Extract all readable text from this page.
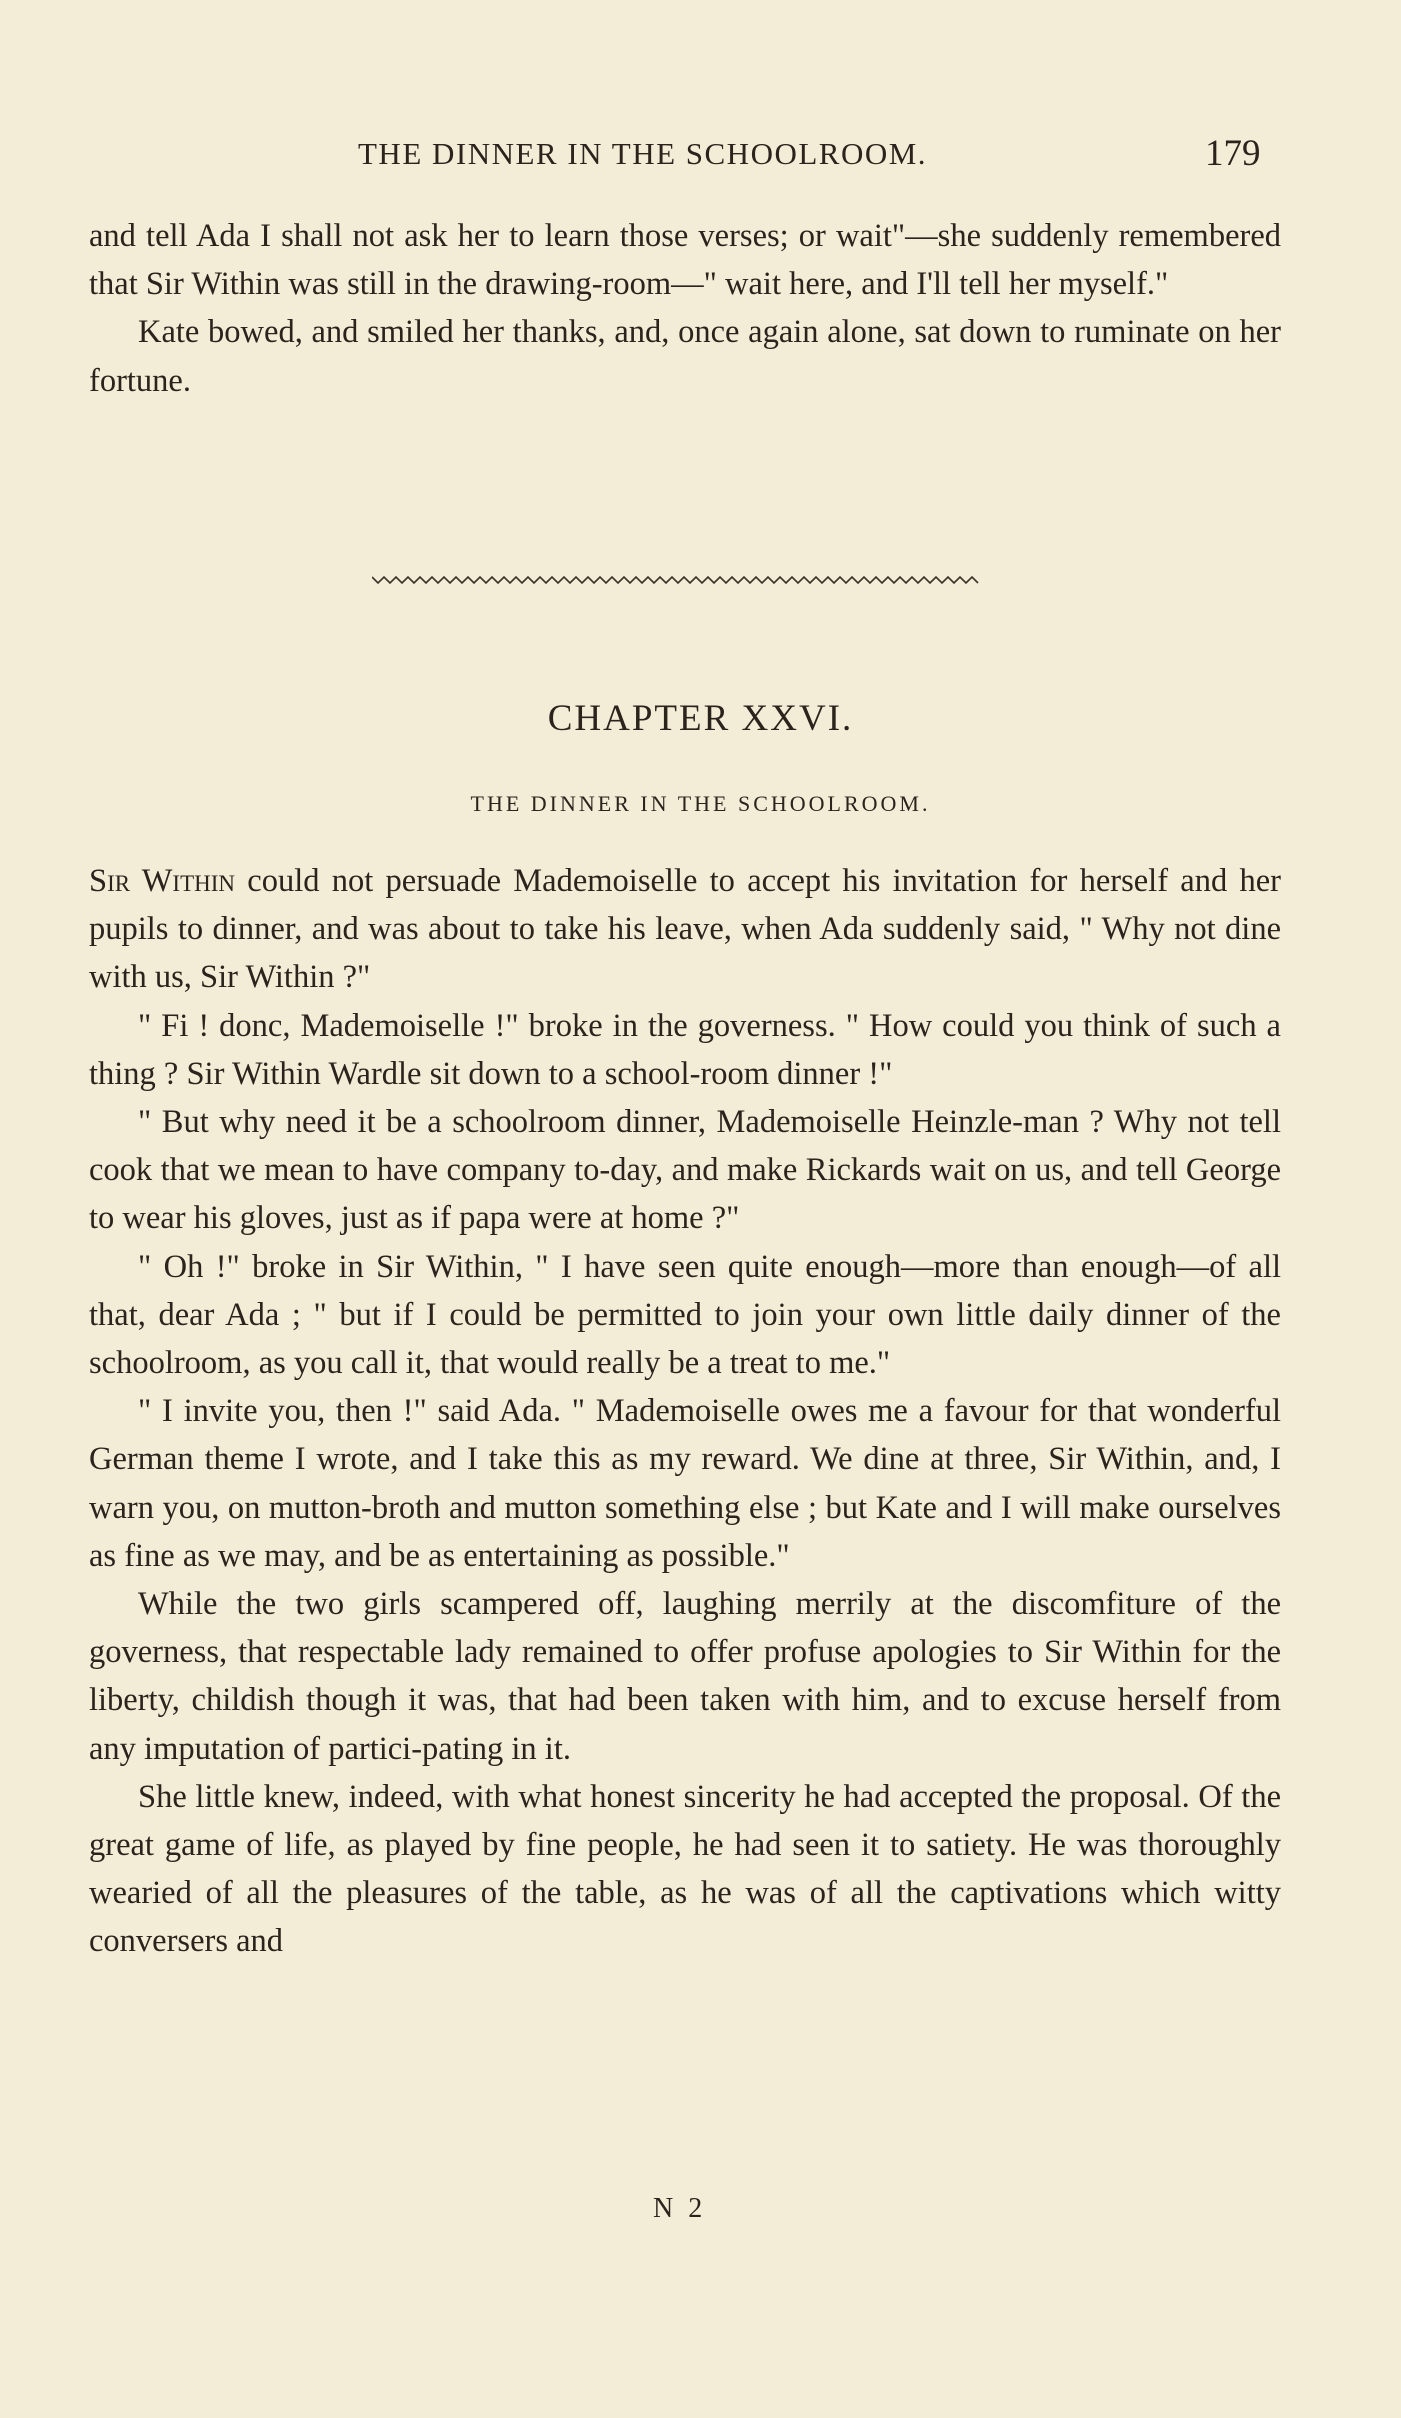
THE DINNER IN THE SCHOOLROOM.	179

and tell Ada I shall not ask her to learn those verses; or wait"—she suddenly remembered that Sir Within was still in the drawing-room—" wait here, and I'll tell her myself."

Kate bowed, and smiled her thanks, and, once again alone, sat down to ruminate on her fortune.

CHAPTER XXVI.
THE DINNER IN THE SCHOOLROOM.

Sir Within could not persuade Mademoiselle to accept his invitation for herself and her pupils to dinner, and was about to take his leave, when Ada suddenly said, " Why not dine with us, Sir Within ?"

" Fi ! donc, Mademoiselle !" broke in the governess. " How could you think of such a thing ? Sir Within Wardle sit down to a school-room dinner !"

" But why need it be a schoolroom dinner, Mademoiselle Heinzle-man ? Why not tell cook that we mean to have company to-day, and make Rickards wait on us, and tell George to wear his gloves, just as if papa were at home ?"

" Oh !" broke in Sir Within, " I have seen quite enough—more than enough—of all that, dear Ada ; " but if I could be permitted to join your own little daily dinner of the schoolroom, as you call it, that would really be a treat to me."

" I invite you, then !" said Ada. " Mademoiselle owes me a favour for that wonderful German theme I wrote, and I take this as my reward. We dine at three, Sir Within, and, I warn you, on mutton-broth and mutton something else ; but Kate and I will make ourselves as fine as we may, and be as entertaining as possible."

While the two girls scampered off, laughing merrily at the discomfiture of the governess, that respectable lady remained to offer profuse apologies to Sir Within for the liberty, childish though it was, that had been taken with him, and to excuse herself from any imputation of partici-pating in it.

She little knew, indeed, with what honest sincerity he had accepted the proposal. Of the great game of life, as played by fine people, he had seen it to satiety. He was thoroughly wearied of all the pleasures of the table, as he was of all the captivations which witty conversers and

N 2
